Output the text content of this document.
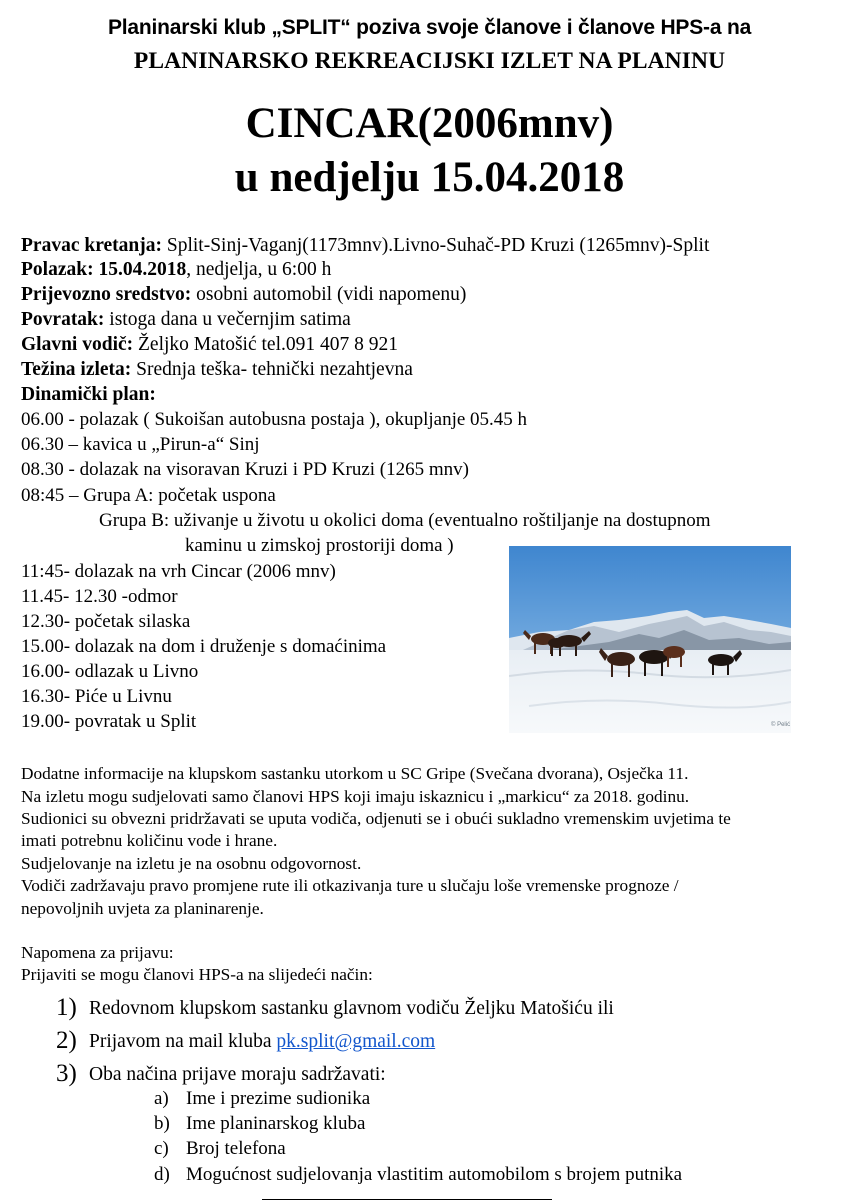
Planinarski klub „SPLIT“ poziva svoje članove i članove HPS-a na
PLANINARSKO REKREACIJSKI IZLET NA PLANINU
CINCAR(2006mnv)
u nedjelju 15.04.2018
Pravac kretanja: Split-Sinj-Vaganj(1173mnv).Livno-Suhač-PD Kruzi (1265mnv)-Split
Polazak: 15.04.2018, nedjelja, u 6:00 h
Prijevozno sredstvo: osobni automobil (vidi napomenu)
Povratak: istoga dana u večernjim satima
Glavni vodič: Željko Matošić tel.091 407 8 921
Težina izleta: Srednja teška- tehnički nezahtjevna
Dinamički plan:
06.00 - polazak ( Sukoišan autobusna postaja ), okupljanje 05.45 h
06.30 – kavica u „Pirun-a“ Sinj
08.30 - dolazak na visoravan Kruzi i PD Kruzi (1265 mnv)
08:45 – Grupa A: početak uspona
Grupa B: uživanje u životu u okolici doma (eventualno roštiljanje na dostupnom
kaminu u zimskoj prostoriji doma )
11:45- dolazak na vrh Cincar (2006 mnv)
11.45- 12.30 -odmor
12.30- početak silaska
15.00- dolazak na dom i druženje s domaćinima
16.00- odlazak u Livno
16.30- Piće u Livnu
19.00- povratak u Split	© Pelić
Dodatne informacije na klupskom sastanku utorkom u SC Gripe (Svečana dvorana), Osječka 11.
Na izletu mogu sudjelovati samo članovi HPS koji imaju iskaznicu i „markicu“ za 2018. godinu.
Sudionici su obvezni pridržavati se uputa vodiča, odjenuti se i obući sukladno vremenskim uvjetima te
imati potrebnu količinu vode i hrane.
Sudjelovanje na izletu je na osobnu odgovornost.
Vodiči zadržavaju pravo promjene rute ili otkazivanja ture u slučaju loše vremenske prognoze /
nepovoljnih uvjeta za planinarenje.
Napomena za prijavu:
Prijaviti se mogu članovi HPS-a na slijedeći način:
1) Redovnom klupskom sastanku glavnom vodiču Željku Matošiću ili
2) Prijavom na mail kluba pk.split@gmail.com
3) Oba načina prijave moraju sadržavati:
a) Ime i prezime sudionika
b) Ime planinarskog kluba
c) Broj telefona
d) Mogućnost sudjelovanja vlastitim automobilom s brojem putnika
